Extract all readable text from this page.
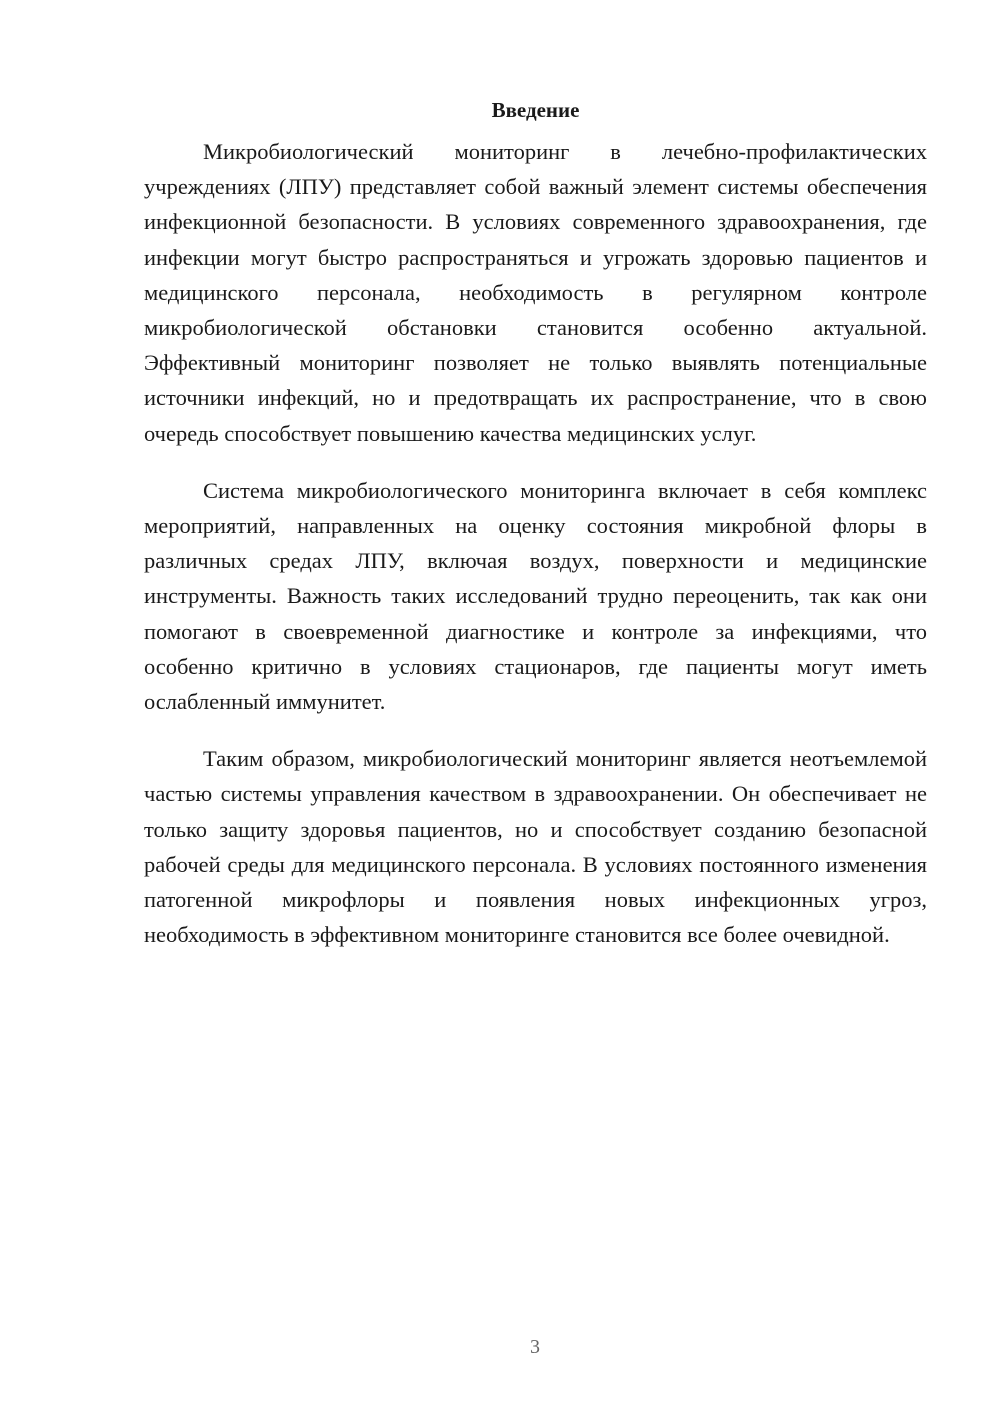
Введение

Микробиологический мониторинг в лечебно-профилактических учреждениях (ЛПУ) представляет собой важный элемент системы обеспечения инфекционной безопасности. В условиях современного здравоохранения, где инфекции могут быстро распространяться и угрожать здоровью пациентов и медицинского персонала, необходимость в регулярном контроле микробиологической обстановки становится особенно актуальной. Эффективный мониторинг позволяет не только выявлять потенциальные источники инфекций, но и предотвращать их распространение, что в свою очередь способствует повышению качества медицинских услуг.

Система микробиологического мониторинга включает в себя комплекс мероприятий, направленных на оценку состояния микробной флоры в различных средах ЛПУ, включая воздух, поверхности и медицинские инструменты. Важность таких исследований трудно переоценить, так как они помогают в своевременной диагностике и контроле за инфекциями, что особенно критично в условиях стационаров, где пациенты могут иметь ослабленный иммунитет.

Таким образом, микробиологический мониторинг является неотъемлемой частью системы управления качеством в здравоохранении. Он обеспечивает не только защиту здоровья пациентов, но и способствует созданию безопасной рабочей среды для медицинского персонала. В условиях постоянного изменения патогенной микрофлоры и появления новых инфекционных угроз, необходимость в эффективном мониторинге становится все более очевидной.

3
